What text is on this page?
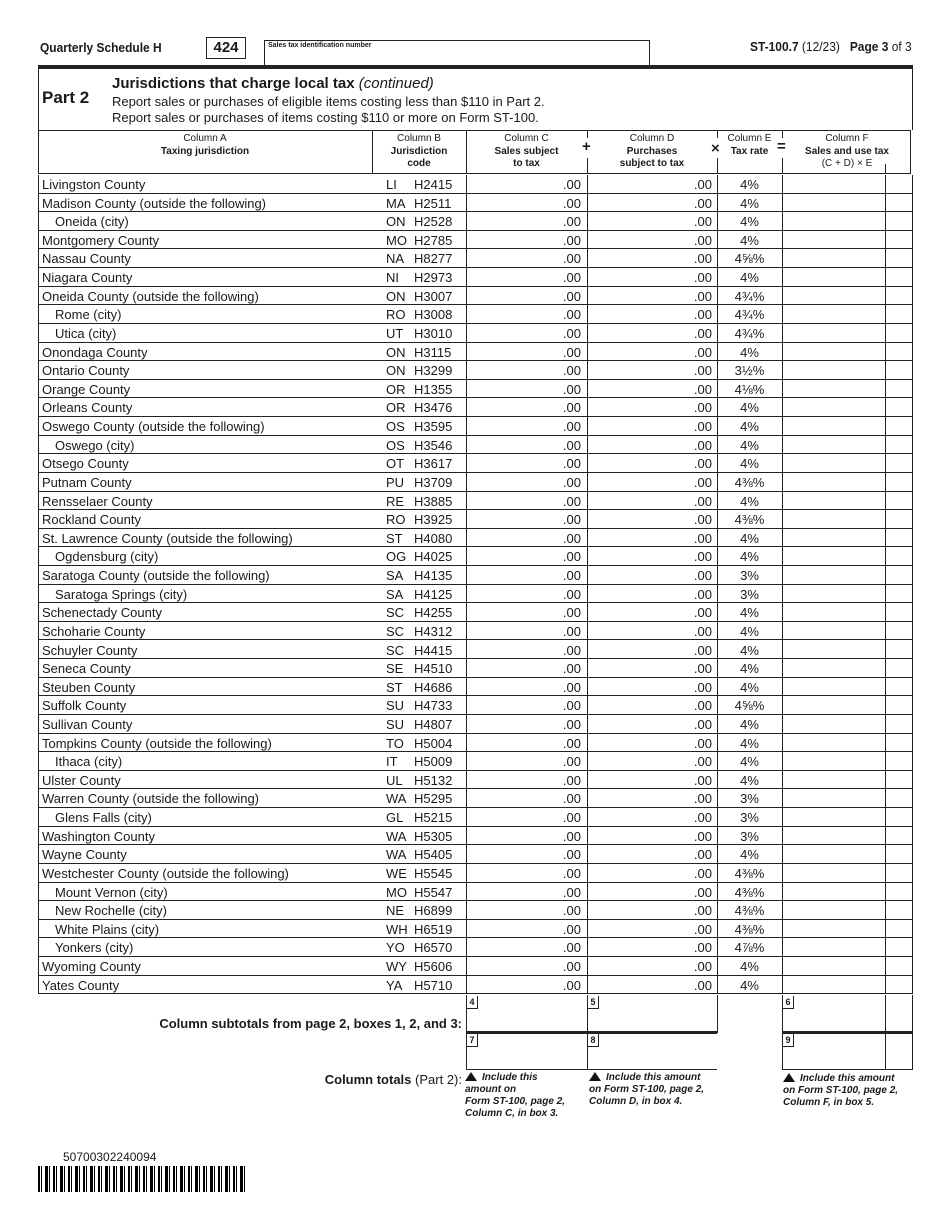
Quarterly Schedule H	424	Sales tax identification number	ST-100.7 (12/23) Page 3 of 3
Part 2
Jurisdictions that charge local tax (continued)
Report sales or purchases of eligible items costing less than $110 in Part 2.
Report sales or purchases of items costing $110 or more on Form ST-100.
Column A
Taxing jurisdiction
Column B
Jurisdiction
code
Column C
Sales subject
to tax
Column D
Purchases
subject to tax
Column E
Tax rate
Column F
Sales and use tax
(C + D) × E
+	×	=
Livingston County	LI H2415	.00	.00	4%
Madison County (outside the following)	MA H2511	.00	.00	4%
Oneida (city)	ON H2528	.00	.00	4%
Montgomery County	MO H2785	.00	.00	4%
Nassau County	NA H8277	.00	.00	4⅝%
Niagara County	NI H2973	.00	.00	4%
Oneida County (outside the following)	ON H3007	.00	.00	4¾%
Rome (city)	RO H3008	.00	.00	4¾%
Utica (city)	UT H3010	.00	.00	4¾%
Onondaga County	ON H3115	.00	.00	4%
Ontario County	ON H3299	.00	.00	3½%
Orange County	OR H1355	.00	.00	4⅛%
Orleans County	OR H3476	.00	.00	4%
Oswego County (outside the following)	OS H3595	.00	.00	4%
Oswego (city)	OS H3546	.00	.00	4%
Otsego County	OT H3617	.00	.00	4%
Putnam County	PU H3709	.00	.00	4⅜%
Rensselaer County	RE H3885	.00	.00	4%
Rockland County	RO H3925	.00	.00	4⅜%
St. Lawrence County (outside the following)	ST H4080	.00	.00	4%
Ogdensburg (city)	OG H4025	.00	.00	4%
Saratoga County (outside the following)	SA H4135	.00	.00	3%
Saratoga Springs (city)	SA H4125	.00	.00	3%
Schenectady County	SC H4255	.00	.00	4%
Schoharie County	SC H4312	.00	.00	4%
Schuyler County	SC H4415	.00	.00	4%
Seneca County	SE H4510	.00	.00	4%
Steuben County	ST H4686	.00	.00	4%
Suffolk County	SU H4733	.00	.00	4⅝%
Sullivan County	SU H4807	.00	.00	4%
Tompkins County (outside the following)	TO H5004	.00	.00	4%
Ithaca (city)	IT H5009	.00	.00	4%
Ulster County	UL H5132	.00	.00	4%
Warren County (outside the following)	WA H5295	.00	.00	3%
Glens Falls (city)	GL H5215	.00	.00	3%
Washington County	WA H5305	.00	.00	3%
Wayne County	WA H5405	.00	.00	4%
Westchester County (outside the following)	WE H5545	.00	.00	4⅜%
Mount Vernon (city)	MO H5547	.00	.00	4⅜%
New Rochelle (city)	NE H6899	.00	.00	4⅜%
White Plains (city)	WH H6519	.00	.00	4⅜%
Yonkers (city)	YO H6570	.00	.00	4⅞%
Wyoming County	WY H5606	.00	.00	4%
Yates County	YA H5710	.00	.00	4%
4	5	6
7	8	9
Column subtotals from page 2, boxes 1, 2, and 3:
Column totals (Part 2):	Include this
amount on
Form ST-100, page 2,
Column C, in box 3.
Include this amount
on Form ST-100, page 2,
Column D, in box 4.
Include this amount
on Form ST-100, page 2,
Column F, in box 5.
50700302240094
